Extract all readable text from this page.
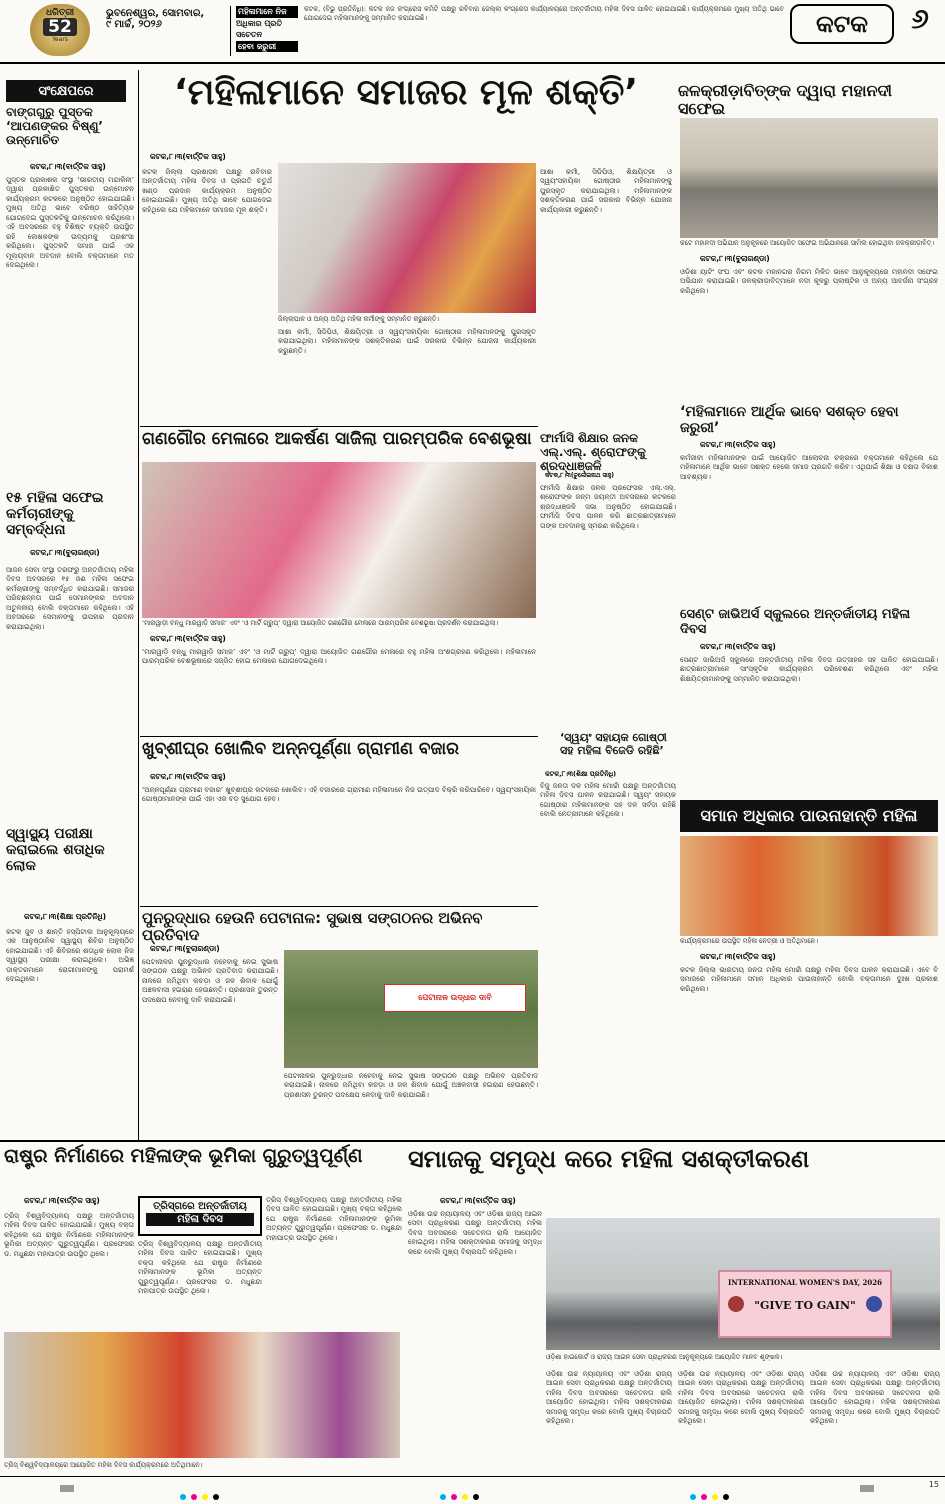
ଧରିତ୍ରୀ
52
Years
ଭୁବନେଶ୍ୱର, ସୋମବାର,
୯ ମାର୍ଚ୍ଚ, ୨୦୨୬
ମହିଳାମାନେ ନିଜ
ଅଧିକାର ପ୍ରତି ସଚେତନ
ହେବା ଜରୁରୀ
କଟକ, (ବିଭୁ ପ୍ରତିନିଧି): କଟକ ଜଜ କଂଗ୍ରେସ କମିଟି ପକ୍ଷରୁ ରବିବାର ଜେଲ୍ଲା କଂଗ୍ରେସ କାର୍ଯ୍ୟାଳୟରେ ଅନ୍ତର୍ଜାତୀୟ ମହିଳା ଦିବସ ପାଳିତ ହୋଇଯାଇଛି। କାର୍ଯ୍ୟକ୍ରମରେ ମୁଖ୍ୟ ଅତିଥି ଭାବେ ଯୋଗଦେଇ ମହିଳାମାନଙ୍କୁ ସମ୍ମାନିତ କରାଯାଇଛି।	କଟକ	୬
ସଂକ୍ଷେପରେ
ବାଙ୍ଗଗୁରୁ ପୁସ୍ତକ ‘ଆପଣଙ୍କର ବିଷ୍ଣୁ’ ଉନ୍ମୋଚିତ
କଟକ,୮।୩(ବାର୍ତ୍ତିକ ସାହୁ)
ପୁସ୍ତକ ପ୍ରକାଶକ ସଂସ୍ଥା ‘ଭାରତୀୟ ମନ୍ଦାକିନୀ’ ଦ୍ୱାରା ପ୍ରକାଶିତ ପୁସ୍ତକର ଉନ୍ମୋଚନ କାର୍ଯ୍ୟକ୍ରମ କଟକରେ ଅନୁଷ୍ଠିତ ହୋଇଯାଇଛି। ମୁଖ୍ୟ ଅତିଥି ଭାବେ ବରିଷ୍ଠ ସାହିତ୍ୟିକ ଯୋଗଦେଇ ପୁସ୍ତକଟିକୁ ଉନ୍ମୋଚନ କରିଥିଲେ। ଏହି ଅବସରରେ ବହୁ ବିଶିଷ୍ଟ ବ୍ୟକ୍ତି ଉପସ୍ଥିତ ରହି ଲେଖକଙ୍କ ଉଦ୍ୟମକୁ ପ୍ରଶଂସା କରିଥିଲେ। ପୁସ୍ତକଟି ସମାଜ ପାଇଁ ଏକ ମୂଲ୍ୟବାନ ଅବଦାନ ବୋଲି ବକ୍ତାମାନେ ମତ ଦେଇଥିଲେ।
୧୫ ମହିଳା ସଫେଇ କର୍ମଚାରୀଙ୍କୁ ସମ୍ବର୍ଦ୍ଧନା
କଟକ,୮।୩(ବୁଲାଗଣ୍ଡା)
ଆଜନ ସେବା ସଂସ୍ଥା ତରଫରୁ ଅନ୍ତର୍ଜାତୀୟ ମହିଳା ଦିବସ ଅବସରରେ ୧୫ ଜଣ ମହିଳା ସଫେଇ କର୍ମଚାରୀଙ୍କୁ ସମ୍ବର୍ଦ୍ଧିତ କରାଯାଇଛି। ସମାଜର ପରିଚ୍ଛନ୍ନତା ପାଇଁ ସେମାନଙ୍କର ଅବଦାନ ଅତୁଳନୀୟ ବୋଲି ବକ୍ତାମାନେ କହିଥିଲେ। ଏହି ଅବସରରେ ସେମାନଙ୍କୁ ଉପହାର ପ୍ରଦାନ କରାଯାଇଥିଲା।
ସ୍ୱାସ୍ଥ୍ୟ ପରୀକ୍ଷା କରାଇଲେ ଶତାଧିକ ଲୋକ
କଟକ,୮।୩(ଶିକ୍ଷା ପ୍ରତିନିଧି)
କଟକ ଜୁବ ଓ ଶାନ୍ତି ହସ୍ପିଟାଲ ଆନୁକୂଲ୍ୟରେ ଏକ ଆନୁଷ୍ଠାନିକ ସ୍ୱାସ୍ଥ୍ୟ ଶିବିର ଅନୁଷ୍ଠିତ ହୋଇଯାଇଛି। ଏହି ଶିବିରରେ ଶତାଧିକ ଲୋକ ନିଜ ସ୍ୱାସ୍ଥ୍ୟ ପରୀକ୍ଷା କରାଇଥିଲେ। ଅଭିଜ୍ଞ ଡାକ୍ତରମାନେ ରୋଗୀମାନଙ୍କୁ ପରାମର୍ଶ ଦେଇଥିଲେ।
‘ମହିଳାମାନେ ସମାଜର ମୂଳ ଶକ୍ତି’
କଟକ,୮।୩(ବାର୍ତ୍ତିକ ସାହୁ)
ଜିଲ୍ଲାପାଳ ଓ ଅନ୍ୟ ଅତିଥି ମହିଳା କର୍ମୀଙ୍କୁ ସମ୍ମାନିତ କରୁଛନ୍ତି।
କଟକ ଜିଲ୍ଲା ପ୍ରଶାସନ ପକ୍ଷରୁ ରବିବାର ଅନ୍ତର୍ଜାତୀୟ ମହିଳା ଦିବସ ଓ ପ୍ରଗତି ଚତୁର୍ଥ ଖଣ୍ଡ ପ୍ରଦାନ କାର୍ଯ୍ୟକ୍ରମ ଅନୁଷ୍ଠିତ ହୋଇଯାଇଛି। ମୁଖ୍ୟ ଅତିଥି ଭାବେ ଯୋଗଦେଇ କହିଥିଲେ ଯେ ମହିଳାମାନେ ସମାଜର ମୂଳ ଶକ୍ତି।
ଆଶା କର୍ମୀ, ସିଡିପିଓ, ଶିକ୍ଷୟିତ୍ରୀ ଓ ସ୍ୱୟଂସହାୟିକା ଗୋଷ୍ଠୀର ମହିଳାମାନଙ୍କୁ ପୁରସ୍କୃତ କରାଯାଇଥିଲା। ମହିଳାମାନଙ୍କ ସଶକ୍ତିକରଣ ପାଇଁ ସରକାର ବିଭିନ୍ନ ଯୋଜନା କାର୍ଯ୍ୟକାରୀ କରୁଛନ୍ତି।
ଆଶା କର୍ମୀ, ସିଡିପିଓ, ଶିକ୍ଷୟିତ୍ରୀ ଓ ସ୍ୱୟଂସହାୟିକା ଗୋଷ୍ଠୀର ମହିଳାମାନଙ୍କୁ ପୁରସ୍କୃତ କରାଯାଇଥିଲା। ମହିଳାମାନଙ୍କ ସଶକ୍ତିକରଣ ପାଇଁ ସରକାର ବିଭିନ୍ନ ଯୋଜନା କାର୍ଯ୍ୟକାରୀ କରୁଛନ୍ତି।
ଜଳକ୍ରୀଡ଼ାବିତ୍‌ଙ୍କ ଦ୍ୱାରା ମହାନଦୀ ସଫେଇ
କଟେ ମହାନଦୀ ଅଭିଯାନ ଅନୁକୂଳରେ ଆୟୋଜିତ ସଫେଇ ଅଭିଯାନରେ ସାମିଲ ହୋଇଥିବା ଜଳକ୍ରୀଡ଼ାବିତ୍।
କଟକ,୮।୩(ବୁଲାଗଣ୍ଡା)
ଓଡ଼ିଶା ୟାଟିଂ ସଂଘ ଏବଂ କଟକ ମହାନଗର ନିଗମ ମିଳିତ ଭାବେ ଆନୁକୂଳ୍ୟରେ ମହାନଦୀ ସଫେଇ ଅଭିଯାନ କରାଯାଇଛି। ଜଳକ୍ରୀଡ଼ାବିତ୍‌ମାନେ ନଦୀ କୂଳରୁ ପ୍ଲାଷ୍ଟିକ ଓ ଅନ୍ୟ ଆବର୍ଜନା ସଂଗ୍ରହ କରିଥିଲେ।
ଗଣଗୌର ମେଳାରେ ଆକର୍ଷଣ ସାଜିଲା ପାରମ୍ପରିକ ବେଶଭୂଷା
‘ମାରୱାଡ଼ୀ ବନ୍ଧୁ ମାରୱାଡ଼ି ସମାଜ’ ଏବଂ ‘ଓ ମାର୍ଟି ଗ୍ରୁପ୍’ ଦ୍ୱାରା ଆୟୋଜିତ ଗଣଗୌର ମେଳାରେ ପାରମ୍ପରିକ ବେଶଭୂଷା ପ୍ରଦର୍ଶନ କରାଯାଇଥିଲା।
କଟକ,୮।୩(ବାର୍ତ୍ତିକ ସାହୁ)
‘ମାରୱାଡ଼ି ବନ୍ଧୁ ମାରୱାଡ଼ି ସମାଜ’ ଏବଂ ‘ଓ ମାର୍ଟି ଗ୍ରୁପ୍’ ଦ୍ୱାରା ଆୟୋଜିତ ଗଣଗୌର ମେଳାରେ ବହୁ ମହିଳା ଅଂଶଗ୍ରହଣ କରିଥିଲେ। ମହିଳାମାନେ ପାରମ୍ପରିକ ବେଶଭୂଷାରେ ସଜ୍ଜିତ ହୋଇ ମେଳାରେ ଯୋଗଦେଇଥିଲେ।
ଫାର୍ମାସି ଶିକ୍ଷାର ଜନକ ଏଲ୍.ଏଲ୍. ଶ୍ରୋଫଙ୍କୁ ଶ୍ରଦ୍ଧାଞ୍ଜଳି
କଟକ,୮।୩(ଚୁଲେଇନାଥ ସାହୁ)
ଫାର୍ମାସି ଶିକ୍ଷାର ଜନକ ପ୍ରଫେସର ଏଲ୍.ଏଲ୍. ଶ୍ରୋଫଙ୍କ ଜନ୍ମ ଜୟନ୍ତୀ ଅବସରରେ କଟକରେ ଶ୍ରଦ୍ଧାଞ୍ଜଳି ସଭା ଅନୁଷ୍ଠିତ ହୋଇଯାଇଛି। ଫାର୍ମାସି ଦିବସ ପାଳନ କରି ଛାତ୍ରଛାତ୍ରୀମାନେ ତାଙ୍କ ଅବଦାନକୁ ସ୍ମରଣ କରିଥିଲେ।
‘ମହିଳାମାନେ ଆର୍ଥିକ ଭାବେ ସଶକ୍ତ ହେବା ଜରୁରୀ’
କଟକ,୮।୩(ବାର୍ତ୍ତିକ ସାହୁ)
କର୍ମଜୀବୀ ମହିଳାମାନଙ୍କ ପାଇଁ ଆୟୋଜିତ ଆଲୋଚନା ଚକ୍ରରେ ବକ୍ତାମାନେ କହିଥିଲେ ଯେ ମହିଳାମାନେ ଆର୍ଥିକ ଭାବେ ସଶକ୍ତ ହେଲେ ସମାଜ ପ୍ରଗତି କରିବ। ଏଥିପାଇଁ ଶିକ୍ଷା ଓ ଦକ୍ଷତା ବିକାଶ ଆବଶ୍ୟକ।
ଖୁବ୍‌ଶୀଘ୍ର ଖୋଲିବ ଅନ୍ନପୂର୍ଣ୍ଣା ଗ୍ରାମୀଣ ବଜାର
କଟକ,୮।୩(ବାର୍ତ୍ତିକ ସାହୁ)
‘ଅନ୍ନପୂର୍ଣ୍ଣା ଗ୍ରାମୀଣ ବଜାର’ ଖୁବ୍‌ଶୀଘ୍ର କଟକରେ ଖୋଲିବ। ଏହି ବଜାରରେ ଗ୍ରାମୀଣ ମହିଳାମାନେ ନିଜ ଉତ୍ପାଦ ବିକ୍ରି କରିପାରିବେ। ସ୍ୱୟଂସହାୟିକା ଗୋଷ୍ଠୀମାନଙ୍କ ପାଇଁ ଏହା ଏକ ବଡ଼ ସୁଯୋଗ ହେବ।
‘ସ୍ୱୟଂ ସହାୟକ ଗୋଷ୍ଠୀ ସହ ମହିଳା ବିଜେଡି ରହିଛି’
କଟକ,୮।୩(ଶିକ୍ଷା ପ୍ରତିନିଧି)
ବିଜୁ ଜନତା ଦଳ ମହିଳା ମୋର୍ଚ୍ଚା ପକ୍ଷରୁ ଅନ୍ତର୍ଜାତୀୟ ମହିଳା ଦିବସ ପାଳନ କରାଯାଇଛି। ସ୍ୱୟଂ ସହାୟକ ଗୋଷ୍ଠୀର ମହିଳାମାନଙ୍କ ସହ ଦଳ ସର୍ବଦା ରହିଛି ବୋଲି ନେତ୍ରୀମାନେ କହିଥିଲେ।
ସେଣ୍ଟ ଜାଭିଅର୍ସ ସ୍କୁଲରେ ଅନ୍ତର୍ଜାତୀୟ ମହିଳା ଦିବସ
କଟକ,୮।୩(ବାର୍ତ୍ତିକ ସାହୁ)
ସେଣ୍ଟ ଜାଭିଅର୍ସ ସ୍କୁଲରେ ଅନ୍ତର୍ଜାତୀୟ ମହିଳା ଦିବସ ଉତ୍ସାହର ସହ ପାଳିତ ହୋଇଯାଇଛି। ଛାତ୍ରଛାତ୍ରୀମାନେ ସାଂସ୍କୃତିକ କାର୍ଯ୍ୟକ୍ରମ ପରିବେଶଣ କରିଥିଲେ ଏବଂ ମହିଳା ଶିକ୍ଷୟିତ୍ରୀମାନଙ୍କୁ ସମ୍ମାନିତ କରାଯାଇଥିଲା।
ସମାନ ଅଧିକାର ପାଉନାହାନ୍ତି ମହିଳା
କାର୍ଯ୍ୟକ୍ରମରେ ଉପସ୍ଥିତ ମହିଳା ନେତ୍ରୀ ଓ ଅତିଥିମାନେ।
କଟକ,୮।୩(ବାର୍ତ୍ତିକ ସାହୁ)
କଟକ ଜିଲ୍ଲା ଭାରତୀୟ ଜନତା ମହିଳା ମୋର୍ଚ୍ଚା ପକ୍ଷରୁ ମହିଳା ଦିବସ ପାଳନ କରାଯାଇଛି। ଏବେ ବି ସମାଜରେ ମହିଳାମାନେ ସମାନ ଅଧିକାର ପାଉନାହାନ୍ତି ବୋଲି ବକ୍ତାମାନେ ଦୁଃଖ ପ୍ରକାଶ କରିଥିଲେ।
ପୁନରୁଦ୍ଧାର ହେଉନି ପେଟାନାଳ: ସୁଭାଷ ସଙ୍ଗଠନର ଅଭିନବ ପ୍ରତିବାଦ
କଟକ,୮।୩(ବୁଲାଗଣ୍ଡା)
ପେଟାନାଳର ପୁନରୁଦ୍ଧାର ନହେବାକୁ ନେଇ ସୁଭାଷ ସଙ୍ଗଠନ ପକ୍ଷରୁ ଅଭିନବ ପ୍ରତିବାଦ କରାଯାଇଛି। ନାଳରେ ଜମିଥିବା କଚଡ଼ା ଓ ଜଳ ଶିବାଳ ଯୋଗୁଁ ଅଞ୍ଚଳବାସୀ ହଇରାଣ ହେଉଛନ୍ତି। ପ୍ରଶାସନ ତୁରନ୍ତ ପଦକ୍ଷେପ ନେବାକୁ ଦାବି କରାଯାଇଛି।	ପେଟାନାଳ ଉଦ୍ଧାର ଦାବି
ପେଟାନାଳର ପୁନରୁଦ୍ଧାର ନହେବାକୁ ନେଇ ସୁଭାଷ ସଙ୍ଗଠନ ପକ୍ଷରୁ ଅଭିନବ ପ୍ରତିବାଦ କରାଯାଇଛି। ନାଳରେ ଜମିଥିବା କଚଡ଼ା ଓ ଜଳ ଶିବାଳ ଯୋଗୁଁ ଅଞ୍ଚଳବାସୀ ହଇରାଣ ହେଉଛନ୍ତି। ପ୍ରଶାସନ ତୁରନ୍ତ ପଦକ୍ଷେପ ନେବାକୁ ଦାବି କରାଯାଇଛି।
ରାଷ୍ଟ୍ର ନିର୍ମାଣରେ ମହିଳାଙ୍କ ଭୂମିକା ଗୁରୁତ୍ୱପୂର୍ଣ୍ଣ
କଟକ,୮।୩(ବାର୍ତ୍ତିକ ସାହୁ)
ତ୍ରିସ୍‌ଗରେ ଅନ୍ତର୍ଜାତୀୟ
ମହିଳା ଦିବସ
ତ୍ରିସ୍ ବିଶ୍ୱବିଦ୍ୟାଳୟ ପକ୍ଷରୁ ଅନ୍ତର୍ଜାତୀୟ ମହିଳା ଦିବସ ପାଳିତ ହୋଇଯାଇଛି। ମୁଖ୍ୟ ବକ୍ତା କହିଥିଲେ ଯେ ରାଷ୍ଟ୍ର ନିର୍ମାଣରେ ମହିଳାମାନଙ୍କ ଭୂମିକା ଅତ୍ୟନ୍ତ ଗୁରୁତ୍ୱପୂର୍ଣ୍ଣ। ପ୍ରଫେସର ଡ. ମଧୁଛନ୍ଦା ମହାପାତ୍ର ଉପସ୍ଥିତ ଥିଲେ।
ତ୍ରିସ୍ ବିଶ୍ୱବିଦ୍ୟାଳୟ ପକ୍ଷରୁ ଅନ୍ତର୍ଜାତୀୟ ମହିଳା ଦିବସ ପାଳିତ ହୋଇଯାଇଛି। ମୁଖ୍ୟ ବକ୍ତା କହିଥିଲେ ଯେ ରାଷ୍ଟ୍ର ନିର୍ମାଣରେ ମହିଳାମାନଙ୍କ ଭୂମିକା ଅତ୍ୟନ୍ତ ଗୁରୁତ୍ୱପୂର୍ଣ୍ଣ। ପ୍ରଫେସର ଡ. ମଧୁଛନ୍ଦା ମହାପାତ୍ର ଉପସ୍ଥିତ ଥିଲେ।
ତ୍ରିସ୍ ବିଶ୍ୱବିଦ୍ୟାଳୟ ପକ୍ଷରୁ ଅନ୍ତର୍ଜାତୀୟ ମହିଳା ଦିବସ ପାଳିତ ହୋଇଯାଇଛି। ମୁଖ୍ୟ ବକ୍ତା କହିଥିଲେ ଯେ ରାଷ୍ଟ୍ର ନିର୍ମାଣରେ ମହିଳାମାନଙ୍କ ଭୂମିକା ଅତ୍ୟନ୍ତ ଗୁରୁତ୍ୱପୂର୍ଣ୍ଣ। ପ୍ରଫେସର ଡ. ମଧୁଛନ୍ଦା ମହାପାତ୍ର ଉପସ୍ଥିତ ଥିଲେ।
ତ୍ରିସ୍ ବିଶ୍ୱବିଦ୍ୟାଳୟରେ ଆୟୋଜିତ ମହିଳା ଦିବସ କାର୍ଯ୍ୟକ୍ରମରେ ଅତିଥିମାନେ।
ସମାଜକୁ ସମୃଦ୍ଧ କରେ ମହିଳା ସଶକ୍ତୀକରଣ
କଟକ,୮।୩(ବାର୍ତ୍ତିକ ସାହୁ)
ଓଡ଼ିଶା ଉଚ୍ଚ ନ୍ୟାୟାଳୟ ଏବଂ ଓଡ଼ିଶା ରାଜ୍ୟ ଆଇନ ସେବା ପ୍ରାଧିକରଣ ପକ୍ଷରୁ ଅନ୍ତର୍ଜାତୀୟ ମହିଳା ଦିବସ ଅବସରରେ ସଚେତନତା ରାଲି ଆୟୋଜିତ ହୋଇଥିଲା। ମହିଳା ସଶକ୍ତୀକରଣ ସମାଜକୁ ସମୃଦ୍ଧ କରେ ବୋଲି ମୁଖ୍ୟ ବିଚାରପତି କହିଥିଲେ।
INTERNATIONAL WOMEN'S DAY, 2026
"GIVE TO GAIN"
ଓଡ଼ିଶା ହାଇକୋର୍ଟ ଓ ରାଜ୍ୟ ଆଇନ ସେବା ପ୍ରାଧିକରଣ ଆନୁକୂଳ୍ୟରେ ଆୟୋଜିତ ମାନବ ଶୃଙ୍ଖଳ।
ଓଡ଼ିଶା ଉଚ୍ଚ ନ୍ୟାୟାଳୟ ଏବଂ ଓଡ଼ିଶା ରାଜ୍ୟ ଆଇନ ସେବା ପ୍ରାଧିକରଣ ପକ୍ଷରୁ ଅନ୍ତର୍ଜାତୀୟ ମହିଳା ଦିବସ ଅବସରରେ ସଚେତନତା ରାଲି ଆୟୋଜିତ ହୋଇଥିଲା। ମହିଳା ସଶକ୍ତୀକରଣ ସମାଜକୁ ସମୃଦ୍ଧ କରେ ବୋଲି ମୁଖ୍ୟ ବିଚାରପତି କହିଥିଲେ।
ଓଡ଼ିଶା ଉଚ୍ଚ ନ୍ୟାୟାଳୟ ଏବଂ ଓଡ଼ିଶା ରାଜ୍ୟ ଆଇନ ସେବା ପ୍ରାଧିକରଣ ପକ୍ଷରୁ ଅନ୍ତର୍ଜାତୀୟ ମହିଳା ଦିବସ ଅବସରରେ ସଚେତନତା ରାଲି ଆୟୋଜିତ ହୋଇଥିଲା। ମହିଳା ସଶକ୍ତୀକରଣ ସମାଜକୁ ସମୃଦ୍ଧ କରେ ବୋଲି ମୁଖ୍ୟ ବିଚାରପତି କହିଥିଲେ।
ଓଡ଼ିଶା ଉଚ୍ଚ ନ୍ୟାୟାଳୟ ଏବଂ ଓଡ଼ିଶା ରାଜ୍ୟ ଆଇନ ସେବା ପ୍ରାଧିକରଣ ପକ୍ଷରୁ ଅନ୍ତର୍ଜାତୀୟ ମହିଳା ଦିବସ ଅବସରରେ ସଚେତନତା ରାଲି ଆୟୋଜିତ ହୋଇଥିଲା। ମହିଳା ସଶକ୍ତୀକରଣ ସମାଜକୁ ସମୃଦ୍ଧ କରେ ବୋଲି ମୁଖ୍ୟ ବିଚାରପତି କହିଥିଲେ।

15
